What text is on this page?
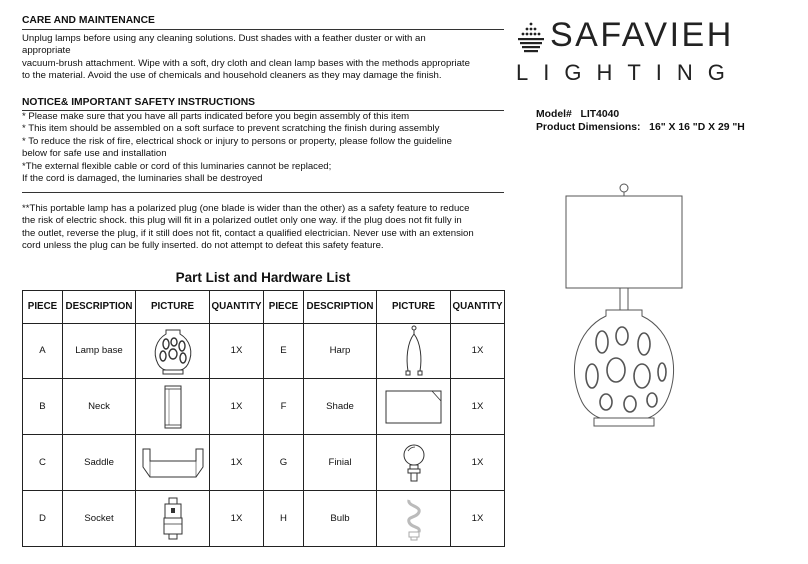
CARE AND MAINTENANCE
Unplug lamps before using any cleaning solutions. Dust shades with a feather duster or with an
appropriate
vacuum-brush attachment. Wipe with a soft, dry cloth and clean lamp bases with the methods appropriate
to the material. Avoid the use of chemicals and household cleaners as they may damage the finish.
NOTICE& IMPORTANT SAFETY INSTRUCTIONS
* Please make sure that you have all parts indicated before you begin assembly of this item
* This item should be assembled on a soft surface to prevent scratching the finish during assembly
* To reduce the risk of fire, electrical shock or injury to persons or property, please follow the guideline
below for safe use and installation
*The external flexible cable or cord of this luminaries cannot be replaced;
If the cord is damaged, the luminaries shall be destroyed
**This portable lamp has a polarized plug (one blade is wider than the other) as a safety feature to reduce
the risk of electric shock. this plug will fit in a polarized outlet only one way. if the plug does not fit fully in
the outlet, reverse the plug, if it still does not fit, contact a qualified electrician. Never use with an extension
cord unless the plug can be fully inserted. do not attempt to defeat this safety feature.
Part List and Hardware List
PIECE	DESCRIPTION	PICTURE	QUANTITY	PIECE	DESCRIPTION	PICTURE	QUANTITY
A	Lamp base		1X	E	Harp		1X
B	Neck		1X	F	Shade		1X
C	Saddle		1X	G	Finial		1X
D	Socket		1X	H	Bulb		1X
SAFAVIEH
LIGHTING
Model# LIT4040
Product Dimensions: 16" X 16 "D X 29 "H
